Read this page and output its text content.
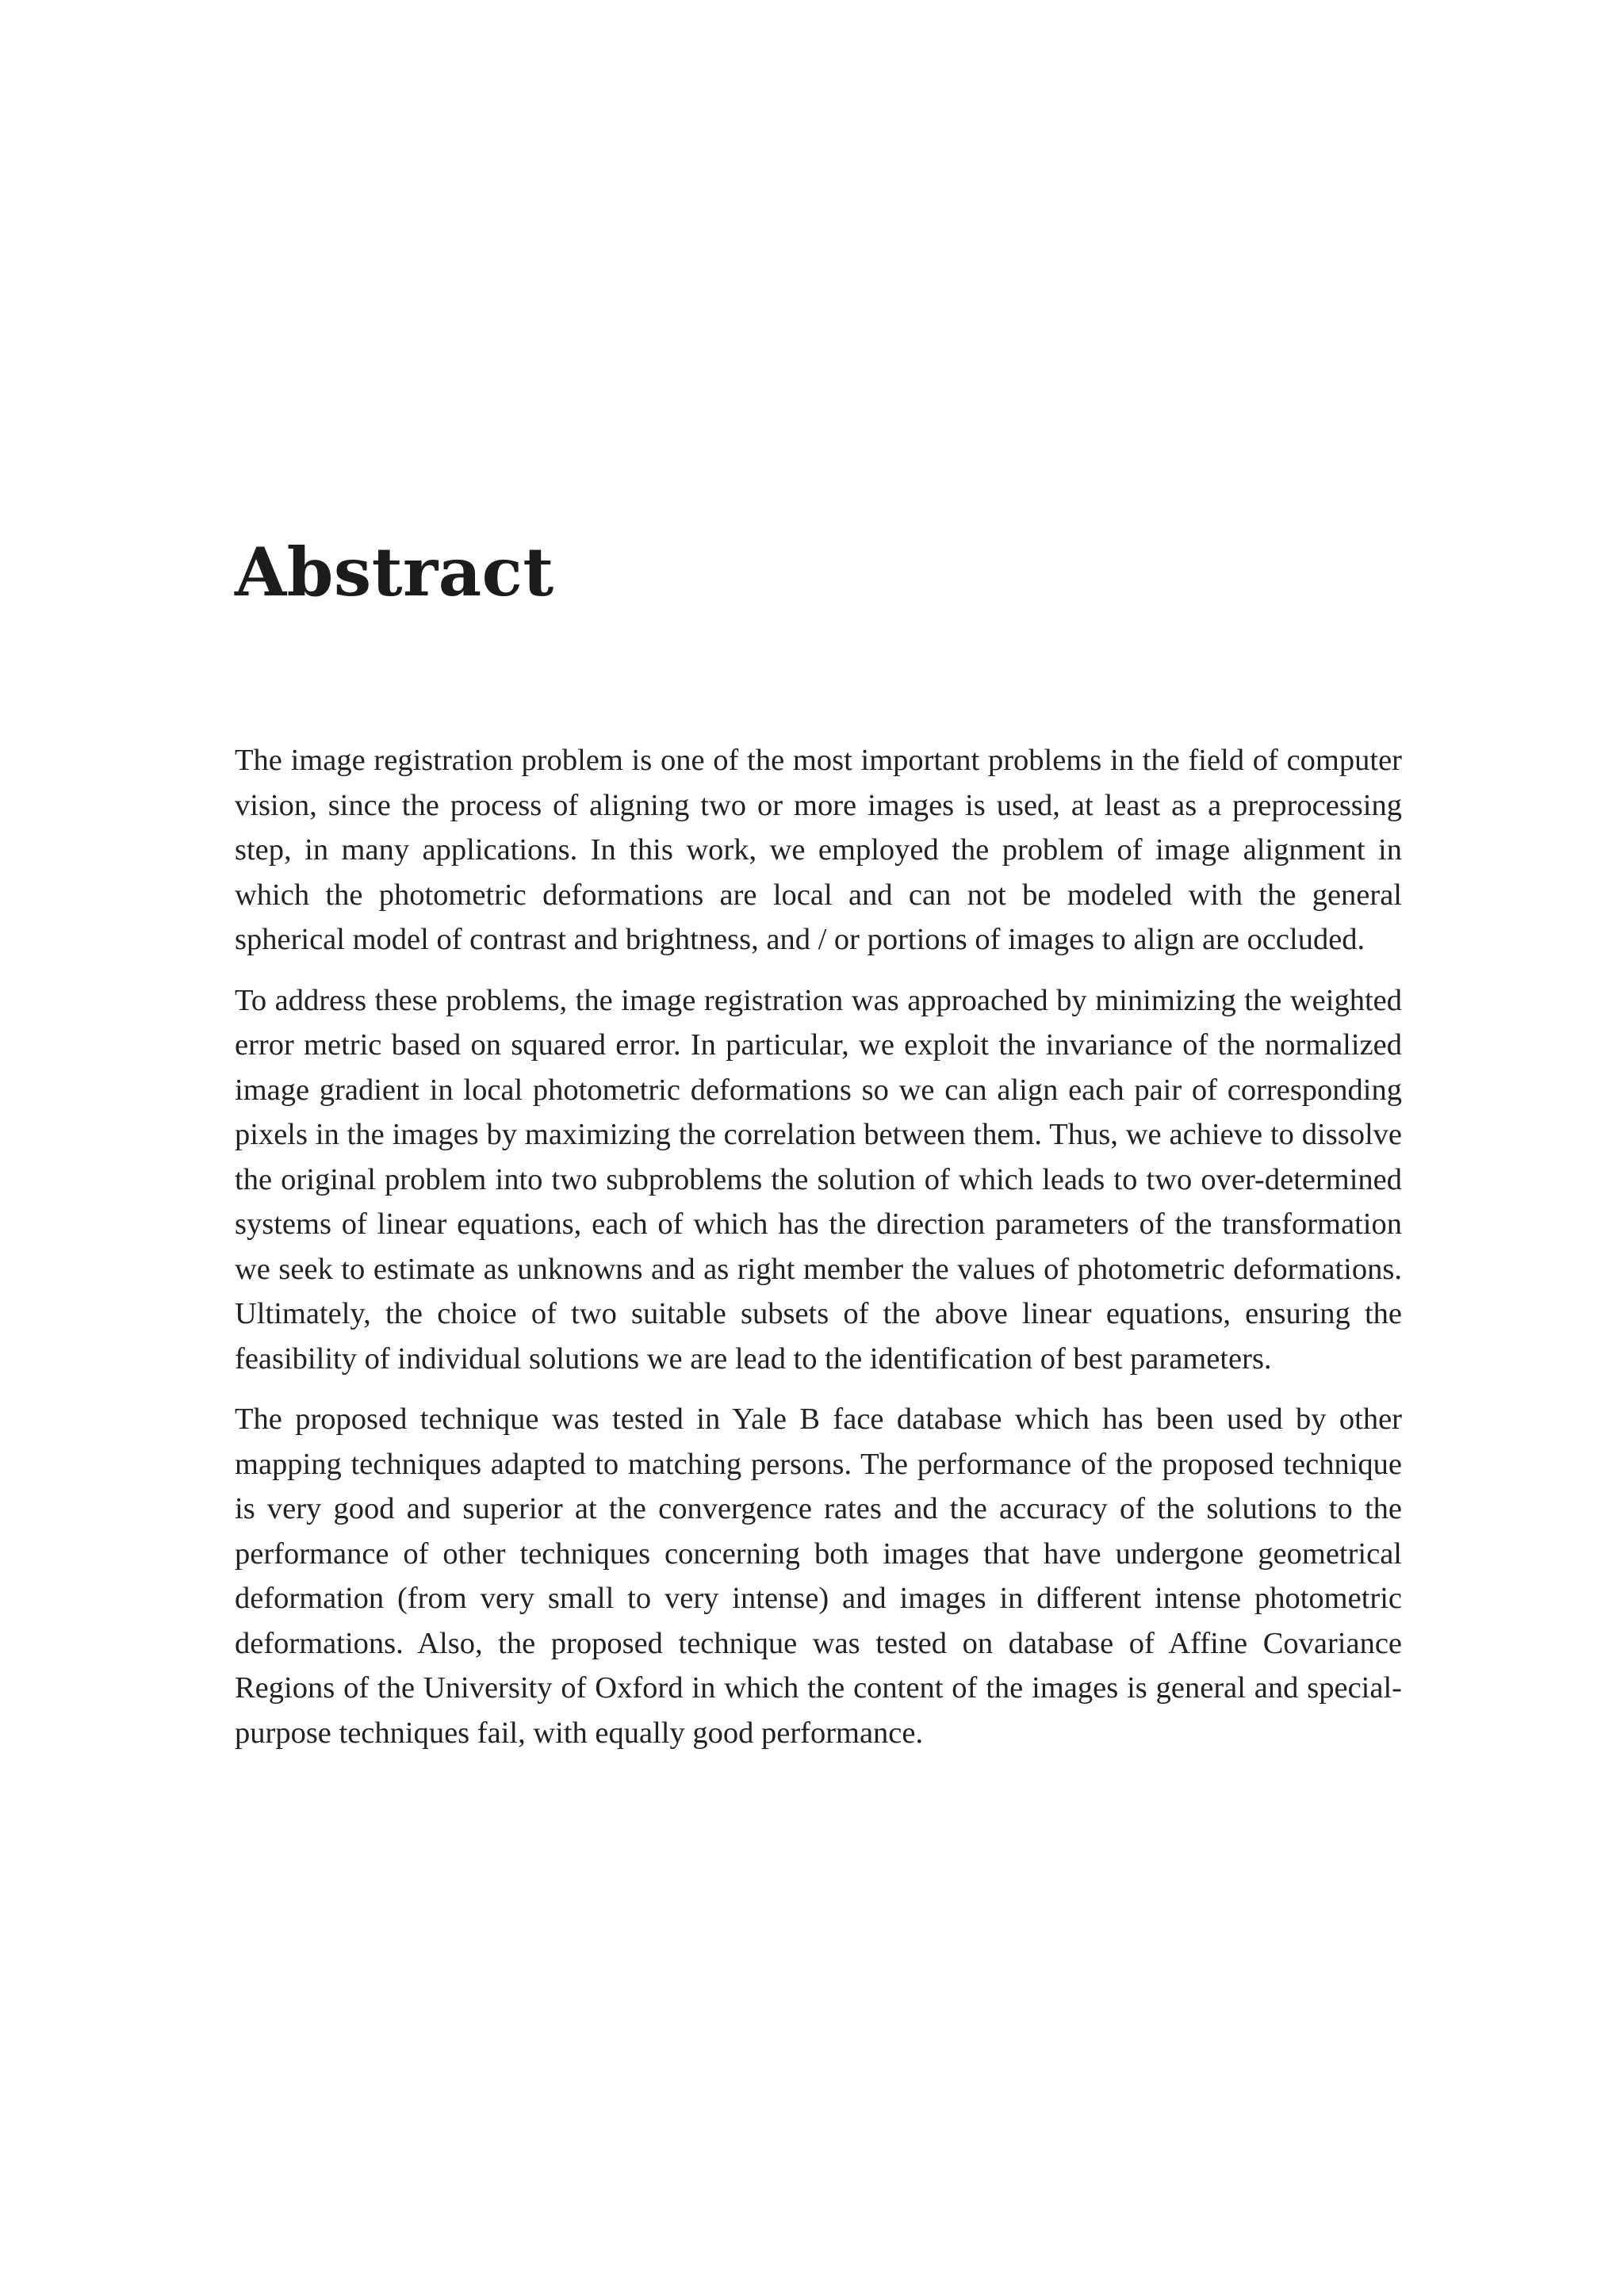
Abstract

The image registration problem is one of the most important problems in the field of computer vision, since the process of aligning two or more images is used, at least as a preprocessing step, in many applications. In this work, we employed the problem of image alignment in which the photometric deformations are local and can not be modeled with the general spherical model of contrast and brightness, and / or portions of images to align are occluded.

To address these problems, the image registration was approached by minimizing the weighted error metric based on squared error. In particular, we exploit the invariance of the normalized image gradient in local photometric deformations so we can align each pair of corresponding pixels in the images by maximizing the correlation between them. Thus, we achieve to dissolve the original problem into two subproblems the solution of which leads to two over-determined systems of linear equations, each of which has the direction parameters of the transformation we seek to estimate as unknowns and as right member the values of photometric deformations. Ultimately, the choice of two suitable subsets of the above linear equations, ensuring the feasibility of individual solutions we are lead to the identification of best parameters.

The proposed technique was tested in Yale B face database which has been used by other mapping techniques adapted to matching persons. The performance of the proposed technique is very good and superior at the convergence rates and the accuracy of the solutions to the performance of other techniques concerning both images that have undergone geometrical deformation (from very small to very intense) and images in different intense photometric deformations. Also, the proposed technique was tested on database of Affine Covariance Regions of the University of Oxford in which the content of the images is general and special-purpose techniques fail, with equally good performance.
